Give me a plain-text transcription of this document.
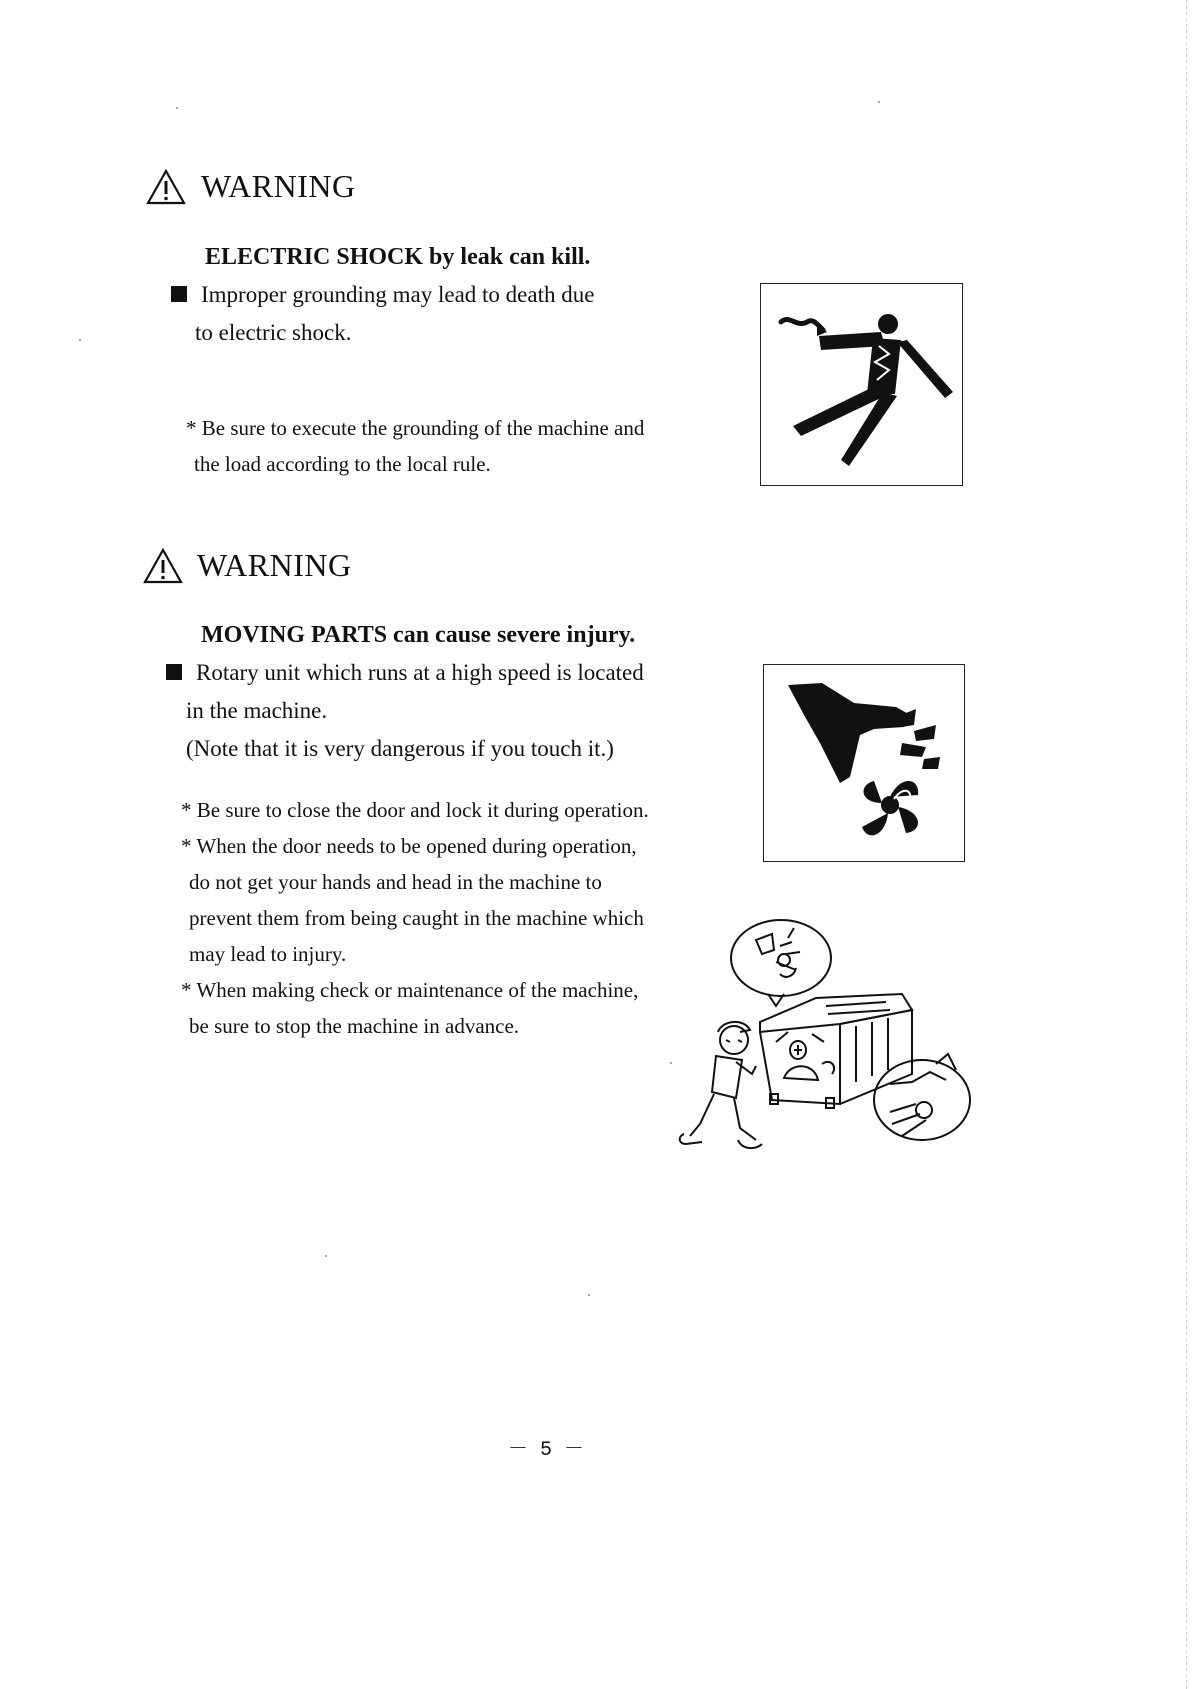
WARNING
ELECTRIC SHOCK by leak can kill.
Improper grounding may lead to death due
to electric shock.
* Be sure to execute the grounding of the machine and
the load according to the local rule.
WARNING
MOVING PARTS can cause severe injury.
Rotary unit which runs at a high speed is located
in the machine.
(Note that it is very dangerous if you touch it.)
* Be sure to close the door and lock it during operation.
* When the door needs to be opened during operation,
do not get your hands and head in the machine to
prevent them from being caught in the machine which
may lead to injury.
* When making check or maintenance of the machine,
be sure to stop the machine in advance.
－ 5 －
